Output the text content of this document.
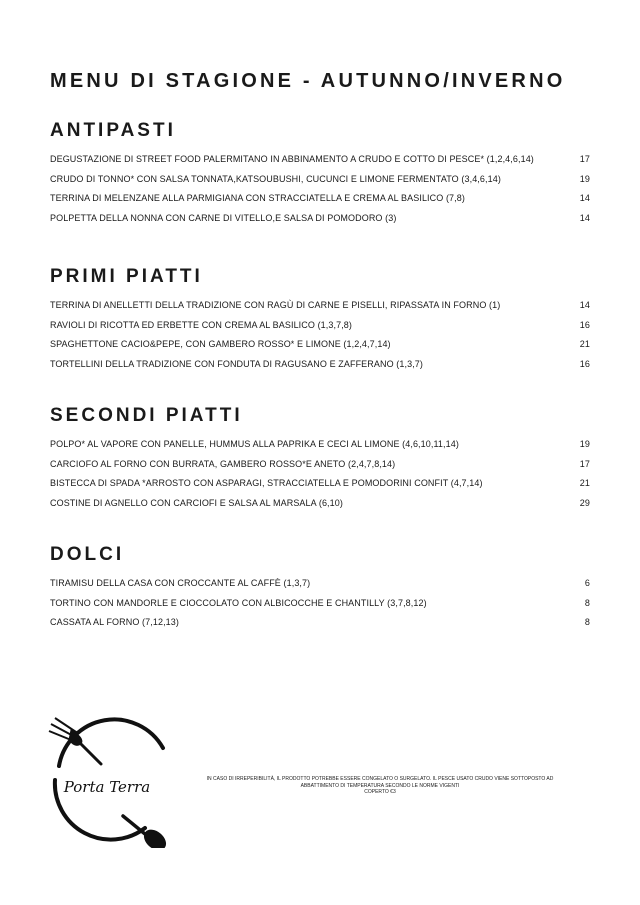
MENU DI STAGIONE - AUTUNNO/INVERNO
ANTIPASTI
DEGUSTAZIONE DI STREET FOOD PALERMITANO IN ABBINAMENTO A CRUDO E COTTO DI PESCE* (1,2,4,6,14)	17
CRUDO DI TONNO* CON SALSA TONNATA,KATSOUBUSHI, CUCUNCI E LIMONE FERMENTATO (3,4,6,14)	19
TERRINA DI MELENZANE ALLA PARMIGIANA CON STRACCIATELLA E CREMA AL BASILICO (7,8)	14
POLPETTA DELLA NONNA CON CARNE DI VITELLO,E SALSA DI POMODORO (3)	14
PRIMI PIATTI
TERRINA DI ANELLETTI DELLA TRADIZIONE CON RAGÙ DI CARNE E PISELLI, RIPASSATA IN FORNO (1)	14
RAVIOLI DI RICOTTA ED ERBETTE CON CREMA AL BASILICO (1,3,7,8)	16
SPAGHETTONE CACIO&PEPE, CON GAMBERO ROSSO* E LIMONE (1,2,4,7,14)	21
TORTELLINI DELLA TRADIZIONE CON FONDUTA DI RAGUSANO E ZAFFERANO (1,3,7)	16
SECONDI PIATTI
POLPO* AL VAPORE CON PANELLE, HUMMUS ALLA PAPRIKA E CECI AL LIMONE (4,6,10,11,14)	19
CARCIOFO AL FORNO CON BURRATA, GAMBERO ROSSO*E ANETO (2,4,7,8,14)	17
BISTECCA DI SPADA *ARROSTO CON ASPARAGI, STRACCIATELLA E POMODORINI CONFIT (4,7,14)	21
COSTINE DI AGNELLO CON CARCIOFI E SALSA AL MARSALA (6,10)	29
DOLCI
TIRAMISU DELLA CASA CON CROCCANTE AL CAFFÈ (1,3,7)	6
TORTINO CON MANDORLE E CIOCCOLATO CON ALBICOCCHE E CHANTILLY (3,7,8,12)	8
CASSATA AL FORNO (7,12,13)	8
Porta Terra	IN CASO DI IRREPERIBILITÀ, IL PRODOTTO POTREBBE ESSERE CONGELATO O SURGELATO. IL PESCE USATO CRUDO VIENE SOTTOPOSTO AD
ABBATTIMENTO DI TEMPERATURA SECONDO LE NORME VIGENTI
COPERTO €3
